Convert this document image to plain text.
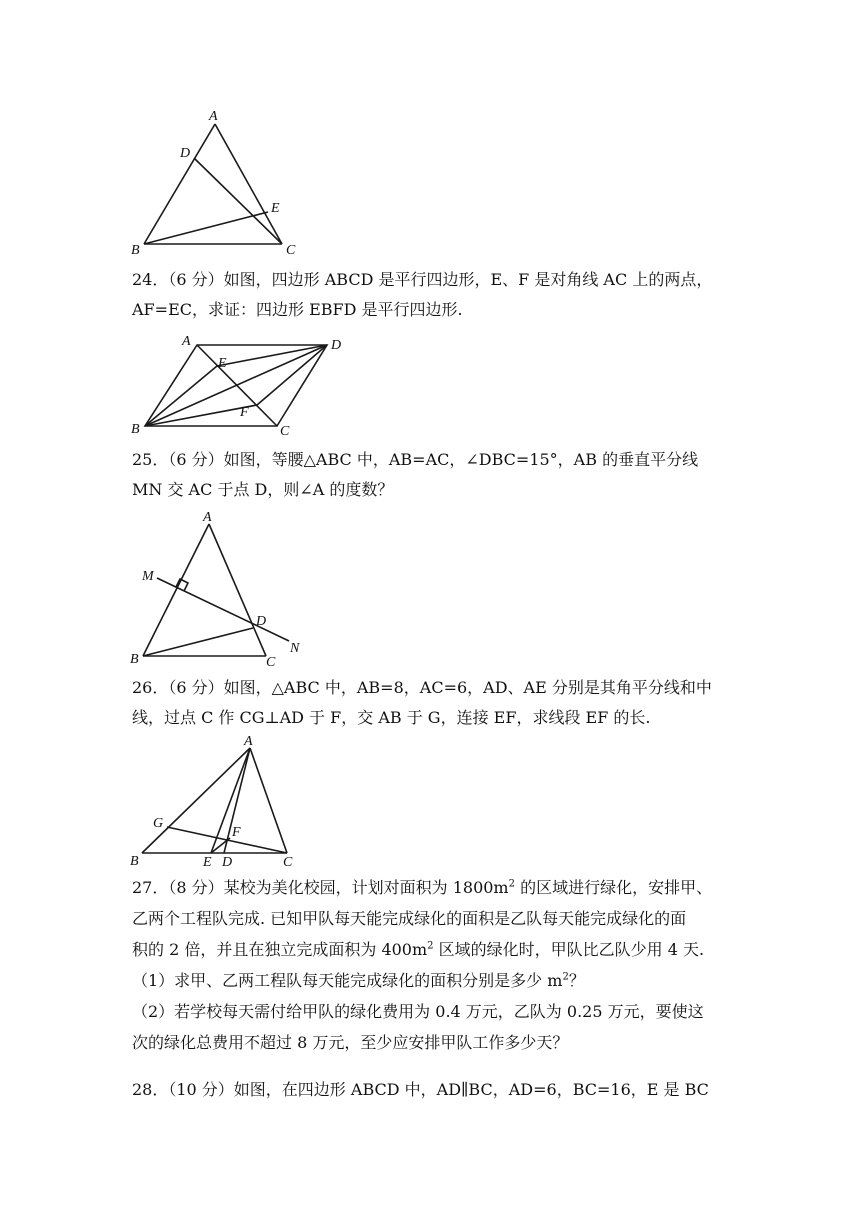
A
D
E
B	C
A	D
E
F
B	C
A
M
D
N
B	C
A
G
F
B	E D	C
24．（6 分）如图，四边形 ABCD 是平行四边形，E、F 是对角线 AC 上的两点，
AF=EC，求证：四边形 EBFD 是平行四边形.
25．（6 分）如图，等腰△ABC 中，AB=AC，∠DBC=15°，AB 的垂直平分线
MN 交 AC 于点 D，则∠A 的度数？
26．（6 分）如图，△ABC 中，AB=8，AC=6，AD、AE 分别是其角平分线和中
线，过点 C 作 CG⊥AD 于 F，交 AB 于 G，连接 EF，求线段 EF 的长.
27．（8 分）某校为美化校园，计划对面积为 $1800m^2$ 的区域进行绿化，安排甲、
乙两个工程队完成. 已知甲队每天能完成绿化的面积是乙队每天能完成绿化的面
积的 2 倍，并且在独立完成面积为 $400m^2$ 区域的绿化时，甲队比乙队少用 4 天.
（1）求甲、乙两工程队每天能完成绿化的面积分别是多少 $m^2$？
（2）若学校每天需付给甲队的绿化费用为 0.4 万元，乙队为 0.25 万元，要使这
次的绿化总费用不超过 8 万元，至少应安排甲队工作多少天？
28．（10 分）如图，在四边形 ABCD 中，AD∥BC，AD=6，BC=16，E 是 BC
